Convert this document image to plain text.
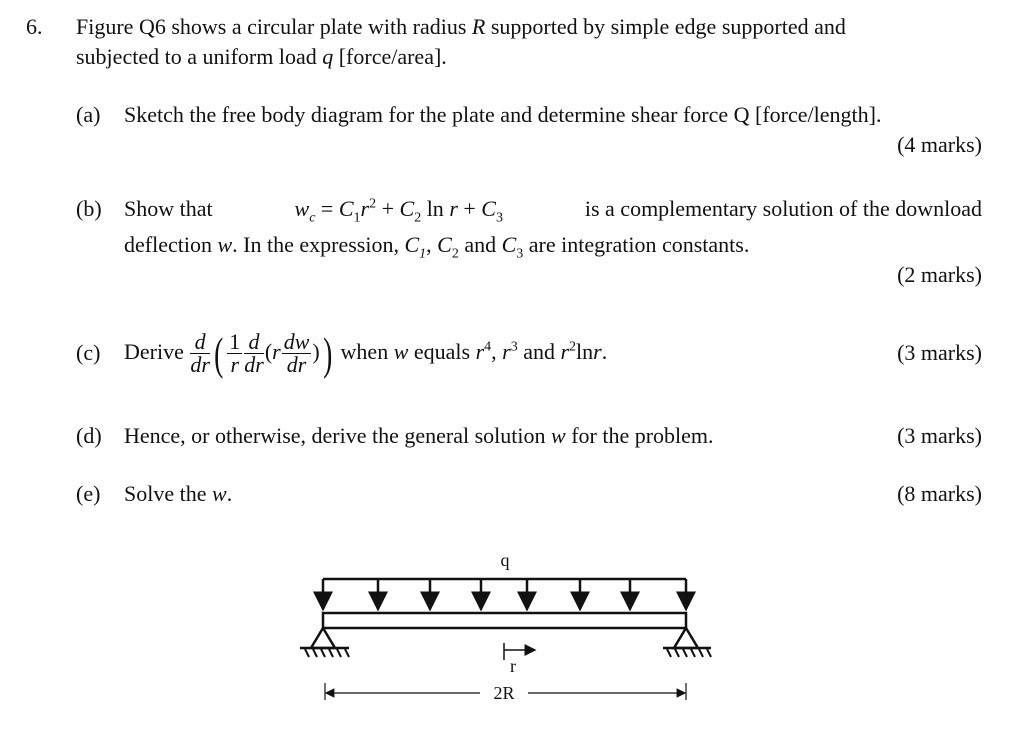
6. Figure Q6 shows a circular plate with radius R supported by simple edge supported and
subjected to a uniform load q [force/area].
(a) Sketch the free body diagram for the plate and determine shear force Q [force/length].
(4 marks)
(b) Show that	$w_c = C_1r^2 + C_2$ $\ln r + C_3$	is a complementary solution of the download
deflection w. In the expression, $C_1$, $C_2$ and $C_3$ are integration constants.
(2 marks)
(c) Derive $\frac{d}{dr}$ ( $\frac{1}{r} \frac{d}{dr} (r \frac{dw}{dr}$ )) when w equals $r^4$, $r^3$ and $r^2\ln r$.	(3 marks)
(d) Hence, or otherwise, derive the general solution w for the problem.	(3 marks)
(e) Solve the w.	(8 marks)
q
r
2R
